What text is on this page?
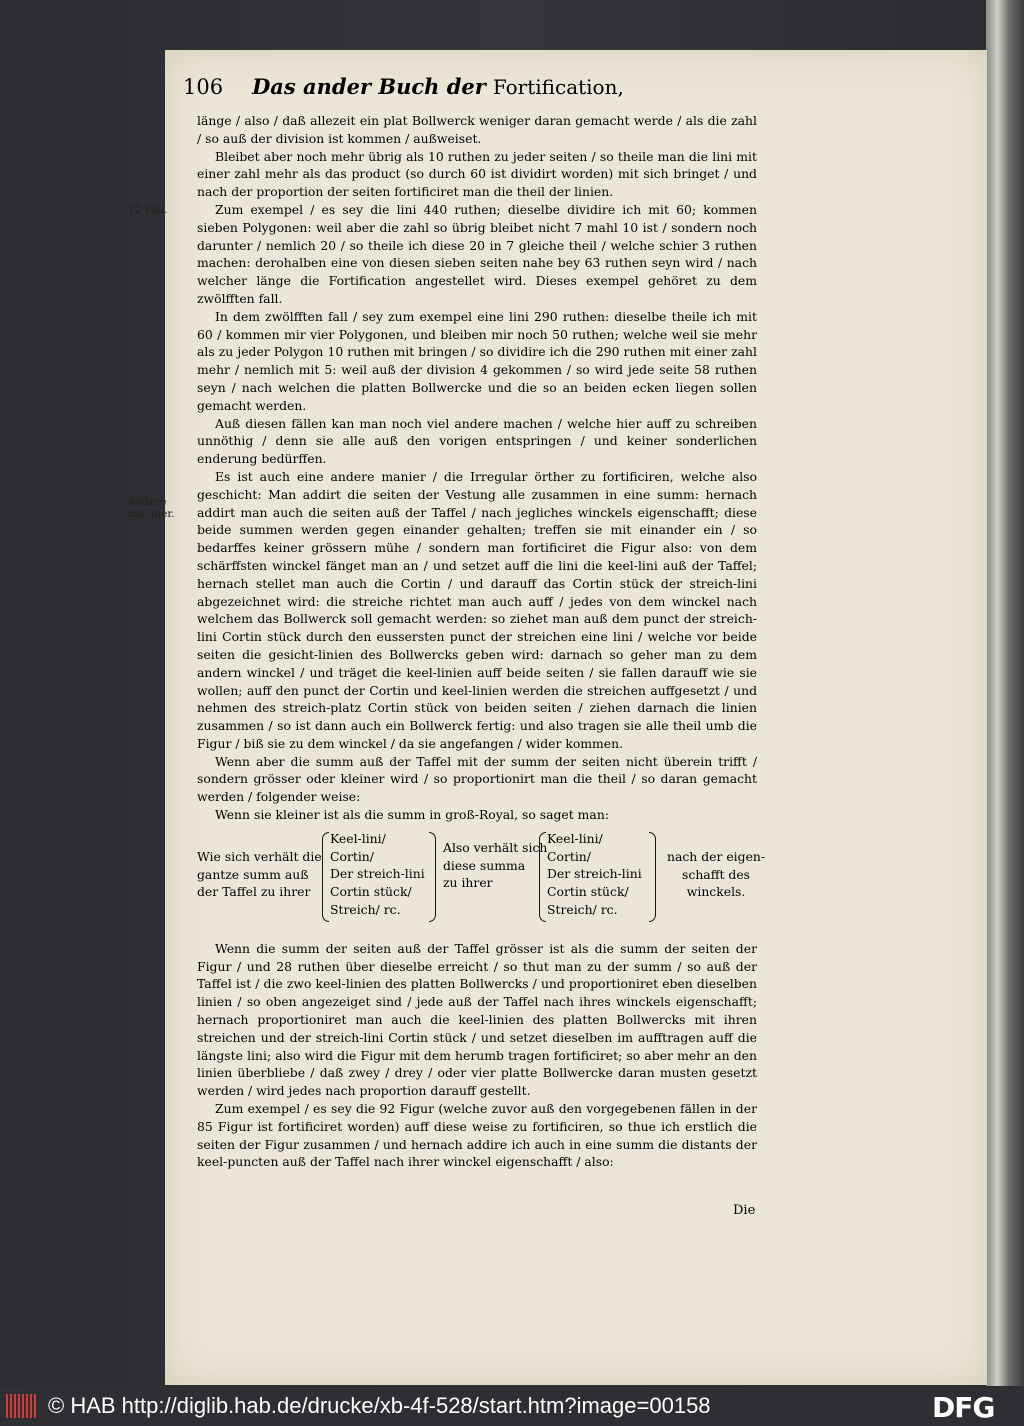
106 Das ander Buch der Fortification,
12 Fall.
Andere ma- nier.

länge / also / daß allezeit ein plat Bollwerck weniger daran gemacht werde / als die zahl / so auß der division ist kommen / außweiset.

Bleibet aber noch mehr übrig als 10 ruthen zu jeder seiten / so theile man die lini mit einer zahl mehr als das product (so durch 60 ist dividirt worden) mit sich bringet / und nach der proportion der seiten fortificiret man die theil der linien.

Zum exempel / es sey die lini 440 ruthen; dieselbe dividire ich mit 60; kommen sieben Polygonen: weil aber die zahl so übrig bleibet nicht 7 mahl 10 ist / sondern noch darunter / nemlich 20 / so theile ich diese 20 in 7 gleiche theil / welche schier 3 ruthen machen: derohalben eine von diesen sieben seiten nahe bey 63 ruthen seyn wird / nach welcher länge die Fortification angestellet wird. Dieses exempel gehöret zu dem zwölfften fall.

In dem zwölfften fall / sey zum exempel eine lini 290 ruthen: dieselbe theile ich mit 60 / kommen mir vier Polygonen, und bleiben mir noch 50 ruthen; welche weil sie mehr als zu jeder Polygon 10 ruthen mit bringen / so dividire ich die 290 ruthen mit einer zahl mehr / nemlich mit 5: weil auß der division 4 gekommen / so wird jede seite 58 ruthen seyn / nach welchen die platten Bollwercke und die so an beiden ecken liegen sollen gemacht werden.

Auß diesen fällen kan man noch viel andere machen / welche hier auff zu schreiben unnöthig / denn sie alle auß den vorigen entspringen / und keiner sonderlichen enderung bedürffen.

Es ist auch eine andere manier / die Irregular örther zu fortificiren, welche also geschicht: Man addirt die seiten der Vestung alle zusammen in eine summ: hernach addirt man auch die seiten auß der Taffel / nach jegliches winckels eigenschafft; diese beide summen werden gegen einander gehalten; treffen sie mit einander ein / so bedarffes keiner grössern mühe / sondern man fortificiret die Figur also: von dem schärffsten winckel fänget man an / und setzet auff die lini die keel-lini auß der Taffel; hernach stellet man auch die Cortin / und darauff das Cortin stück der streich-lini abgezeichnet wird: die streiche richtet man auch auff / jedes von dem winckel nach welchem das Bollwerck soll gemacht werden: so ziehet man auß dem punct der streich-lini Cortin stück durch den eussersten punct der streichen eine lini / welche vor beide seiten die gesicht-linien des Bollwercks geben wird: darnach so geher man zu dem andern winckel / und träget die keel-linien auff beide seiten / sie fallen darauff wie sie wollen; auff den punct der Cortin und keel-linien werden die streichen auffgesetzt / und nehmen des streich-platz Cortin stück von beiden seiten / ziehen darnach die linien zusammen / so ist dann auch ein Bollwerck fertig: und also tragen sie alle theil umb die Figur / biß sie zu dem winckel / da sie angefangen / wider kommen.

Wenn aber die summ auß der Taffel mit der summ der seiten nicht überein trifft / sondern grösser oder kleiner wird / so proportionirt man die theil / so daran gemacht werden / folgender weise:

Wenn sie kleiner ist als die summ in groß-Royal, so saget man:

Wie sich verhält die
gantze summ auß
der Taffel zu ihrer
Keel-lini/
Cortin/
Der streich-lini
Cortin stück/
Streich/ rc.
Also verhält sich
diese summa
zu ihrer
Keel-lini/
Cortin/
Der streich-lini
Cortin stück/
Streich/ rc.
nach der eigen-
schafft des
winckels.

Wenn die summ der seiten auß der Taffel grösser ist als die summ der seiten der Figur / und 28 ruthen über dieselbe erreicht / so thut man zu der summ / so auß der Taffel ist / die zwo keel-linien des platten Bollwercks / und proportioniret eben dieselben linien / so oben angezeiget sind / jede auß der Taffel nach ihres winckels eigenschafft; hernach proportioniret man auch die keel-linien des platten Bollwercks mit ihren streichen und der streich-lini Cortin stück / und setzet dieselben im aufftragen auff die längste lini; also wird die Figur mit dem herumb tragen fortificiret; so aber mehr an den linien überbliebe / daß zwey / drey / oder vier platte Bollwercke daran musten gesetzt werden / wird jedes nach proportion darauff gestellt.

Zum exempel / es sey die 92 Figur (welche zuvor auß den vorgegebenen fällen in der 85 Figur ist fortificiret worden) auff diese weise zu fortificiren, so thue ich erstlich die seiten der Figur zusammen / und hernach addire ich auch in eine summ die distants der keel-puncten auß der Taffel nach ihrer winckel eigenschafft / also:

Die
© HAB http://diglib.hab.de/drucke/xb-4f-528/start.htm?image=00158	DFG
